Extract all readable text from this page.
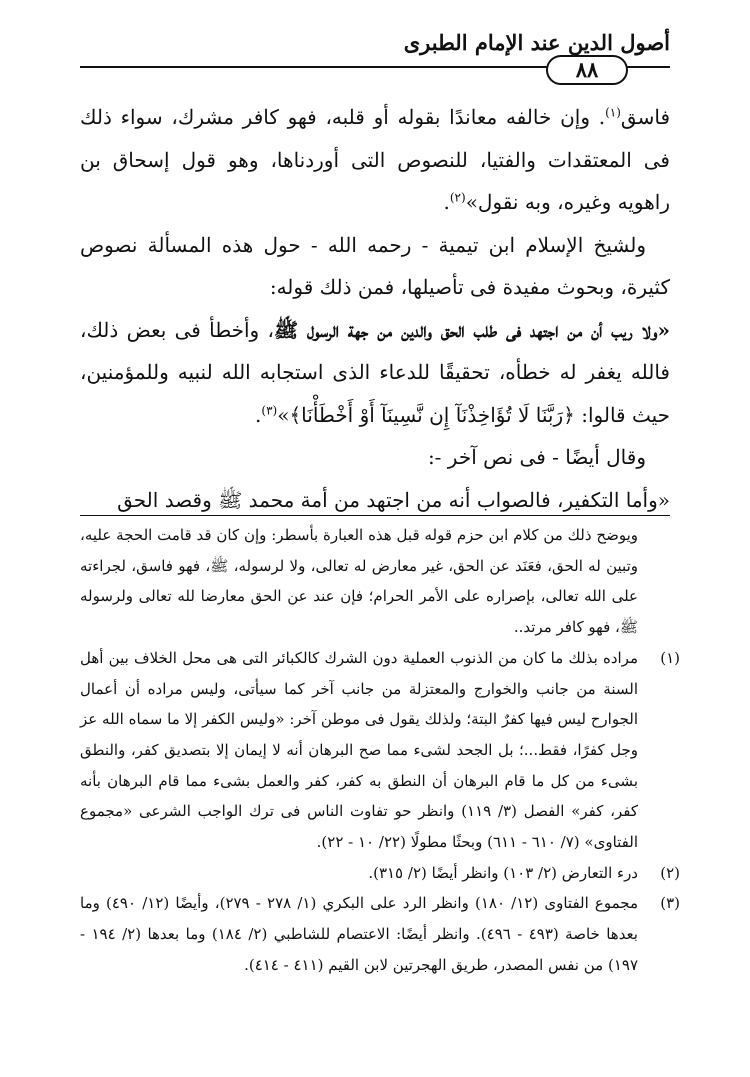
أصول الدين عند الإمام الطبرى
٨٨

فاسق$^{(١)}$. وإن خالفه معاندًا بقوله أو قلبه، فهو كافر مشرك، سواء ذلك فى المعتقدات والفتيا، للنصوص التى أوردناها، وهو قول إسحاق بن راهويه وغيره، وبه نقول»$^{(٢)}$.

ولشيخ الإسلام ابن تيمية - رحمه الله - حول هذه المسألة نصوص كثيرة، وبحوث مفيدة فى تأصيلها، فمن ذلك قوله:

«ولا ريب أن من اجتهد فى طلب الحق والدين من جهة الرسول ﷺ، وأخطأ فى بعض ذلك، فالله يغفر له خطأه، تحقيقًا للدعاء الذى استجابه الله لنبيه وللمؤمنين، حيث قالوا: ﴿رَبَّنَا لَا تُؤَاخِذْنَآ إِن نَّسِينَآ أَوْ أَخْطَأْنَا﴾»$^{(٣)}$.

وقال أيضًا - فى نص آخر -:

«وأما التكفير، فالصواب أنه من اجتهد من أمة محمد ﷺ وقصد الحق

ويوضح ذلك من كلام ابن حزم قوله قبل هذه العبارة بأسطر: وإن كان قد قامت الحجة عليه، وتبين له الحق، فعَنَد عن الحق، غير معارض له تعالى، ولا لرسوله، ﷺ، فهو فاسق، لجراءته على الله تعالى، بإصراره على الأمر الحرام؛ فإن عند عن الحق معارضا لله تعالى ولرسوله ﷺ، فهو كافر مرتد..

(١)
مراده بذلك ما كان من الذنوب العملية دون الشرك كالكبائر التى هى محل الخلاف بين أهل السنة من جانب والخوارج والمعتزلة من جانب آخر كما سيأتى، وليس مراده أن أعمال الجوارح ليس فيها كفرٌ البتة؛ ولذلك يقول فى موطن آخر: «وليس الكفر إلا ما سماه الله عز وجل كفرًا، فقط...؛ بل الجحد لشىء مما صح البرهان أنه لا إيمان إلا بتصديق كفر، والنطق بشىء من كل ما قام البرهان أن النطق به كفر، كفر والعمل بشىء مما قام البرهان بأنه كفر، كفر» الفصل (٣/ ١١٩) وانظر حو تفاوت الناس فى ترك الواجب الشرعى «مجموع الفتاوى» (٧/ ٦١٠ - ٦١١) وبحثًا مطولًا (٢٢/ ١٠ - ٢٢).

(٢)
درء التعارض (٢/ ١٠٣) وانظر أيضًا (٢/ ٣١٥).

(٣)
مجموع الفتاوى (١٢/ ١٨٠) وانظر الرد على البكري (١/ ٢٧٨ - ٢٧٩)، وأيضًا (١٢/ ٤٩٠) وما بعدها خاصة (٤٩٣ - ٤٩٦). وانظر أيضًا: الاعتصام للشاطبي (٢/ ١٨٤) وما بعدها (٢/ ١٩٤ - ١٩٧) من نفس المصدر، طريق الهجرتين لابن القيم (٤١١ - ٤١٤).
